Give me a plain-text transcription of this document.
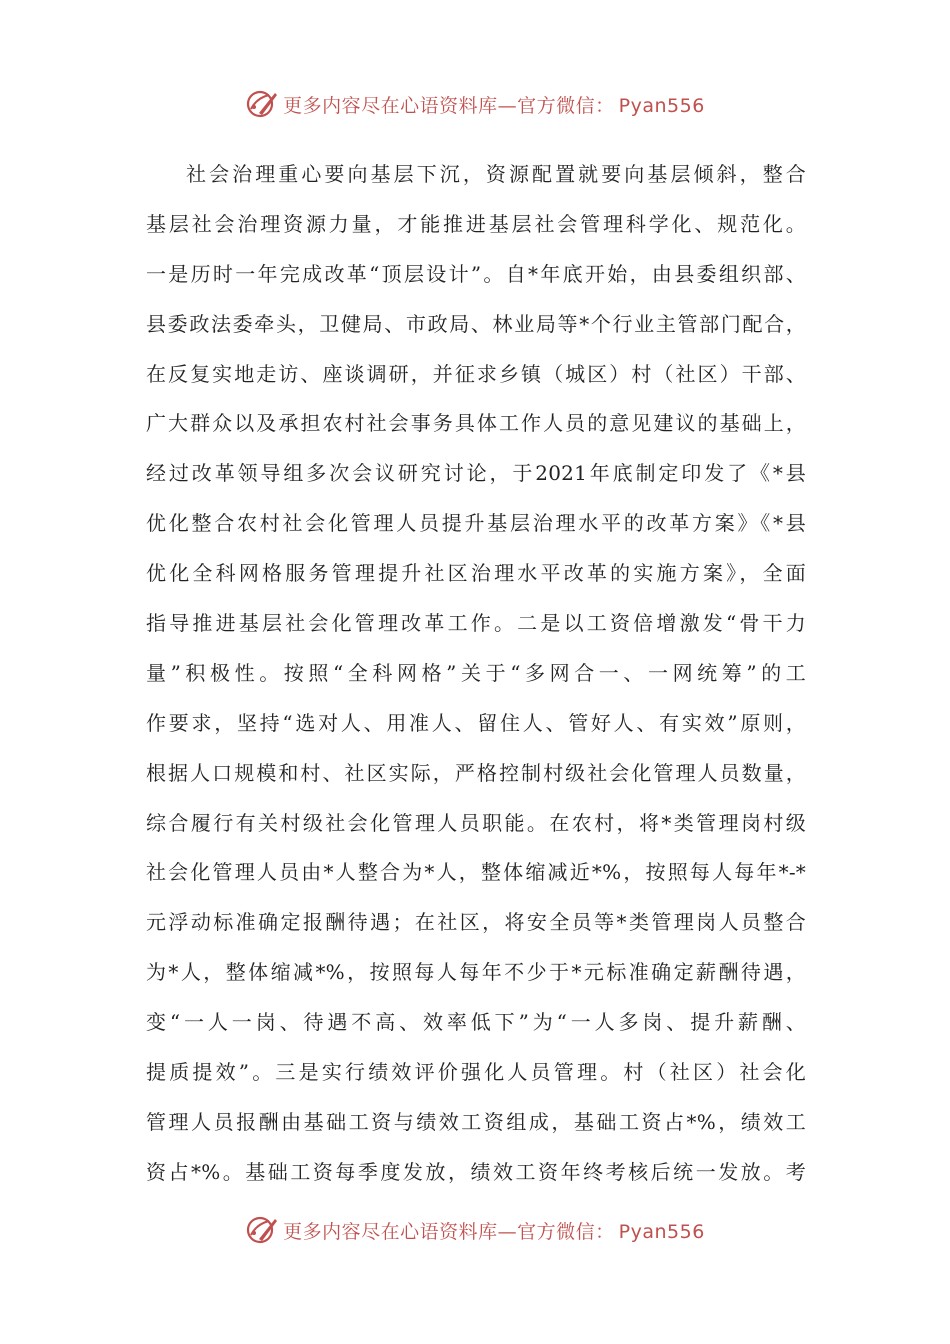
更多内容尽在心语资料库—官方微信： Pyan556
社会治理重心要向基层下沉，资源配置就要向基层倾斜，整合
基层社会治理资源力量，才能推进基层社会管理科学化、规范化。
一是历时一年完成改革“顶层设计”。自*年底开始，由县委组织部、
县委政法委牵头，卫健局、市政局、林业局等*个行业主管部门配合，
在反复实地走访、座谈调研，并征求乡镇（城区）村（社区）干部、
广大群众以及承担农村社会事务具体工作人员的意见建议的基础上，
经过改革领导组多次会议研究讨论，于2021年底制定印发了《*县
优化整合农村社会化管理人员提升基层治理水平的改革方案》《*县
优化全科网格服务管理提升社区治理水平改革的实施方案》，全面
指导推进基层社会化管理改革工作。二是以工资倍增激发“骨干力
量”积极性。按照“全科网格”关于“多网合一、一网统筹”的工
作要求，坚持“选对人、用准人、留住人、管好人、有实效”原则，
根据人口规模和村、社区实际，严格控制村级社会化管理人员数量，
综合履行有关村级社会化管理人员职能。在农村，将*类管理岗村级
社会化管理人员由*人整合为*人，整体缩减近*%，按照每人每年*-*
元浮动标准确定报酬待遇；在社区，将安全员等*类管理岗人员整合
为*人，整体缩减*%，按照每人每年不少于*元标准确定薪酬待遇，
变“一人一岗、待遇不高、效率低下”为“一人多岗、提升薪酬、
提质提效”。三是实行绩效评价强化人员管理。村（社区）社会化
管理人员报酬由基础工资与绩效工资组成，基础工资占*%，绩效工
资占*%。基础工资每季度发放，绩效工资年终考核后统一发放。考
更多内容尽在心语资料库—官方微信： Pyan556
